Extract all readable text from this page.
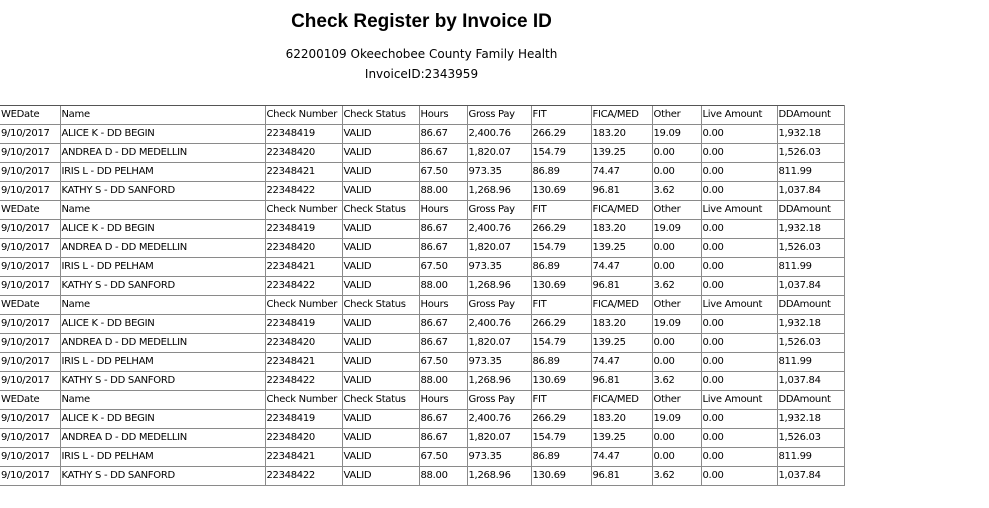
Check Register by Invoice ID
62200109 Okeechobee County Family Health
InvoiceID:2343959
WEDate	Name	Check Number	Check Status	Hours	Gross Pay	FIT	FICA/MED	Other	Live Amount	DDAmount
9/10/2017	ALICE K - DD BEGIN	22348419	VALID	86.67	2,400.76	266.29	183.20	19.09	0.00	1,932.18
9/10/2017	ANDREA D - DD MEDELLIN	22348420	VALID	86.67	1,820.07	154.79	139.25	0.00	0.00	1,526.03
9/10/2017	IRIS L - DD PELHAM	22348421	VALID	67.50	973.35	86.89	74.47	0.00	0.00	811.99
9/10/2017	KATHY S - DD SANFORD	22348422	VALID	88.00	1,268.96	130.69	96.81	3.62	0.00	1,037.84
WEDate	Name	Check Number	Check Status	Hours	Gross Pay	FIT	FICA/MED	Other	Live Amount	DDAmount
9/10/2017	ALICE K - DD BEGIN	22348419	VALID	86.67	2,400.76	266.29	183.20	19.09	0.00	1,932.18
9/10/2017	ANDREA D - DD MEDELLIN	22348420	VALID	86.67	1,820.07	154.79	139.25	0.00	0.00	1,526.03
9/10/2017	IRIS L - DD PELHAM	22348421	VALID	67.50	973.35	86.89	74.47	0.00	0.00	811.99
9/10/2017	KATHY S - DD SANFORD	22348422	VALID	88.00	1,268.96	130.69	96.81	3.62	0.00	1,037.84
WEDate	Name	Check Number	Check Status	Hours	Gross Pay	FIT	FICA/MED	Other	Live Amount	DDAmount
9/10/2017	ALICE K - DD BEGIN	22348419	VALID	86.67	2,400.76	266.29	183.20	19.09	0.00	1,932.18
9/10/2017	ANDREA D - DD MEDELLIN	22348420	VALID	86.67	1,820.07	154.79	139.25	0.00	0.00	1,526.03
9/10/2017	IRIS L - DD PELHAM	22348421	VALID	67.50	973.35	86.89	74.47	0.00	0.00	811.99
9/10/2017	KATHY S - DD SANFORD	22348422	VALID	88.00	1,268.96	130.69	96.81	3.62	0.00	1,037.84
WEDate	Name	Check Number	Check Status	Hours	Gross Pay	FIT	FICA/MED	Other	Live Amount	DDAmount
9/10/2017	ALICE K - DD BEGIN	22348419	VALID	86.67	2,400.76	266.29	183.20	19.09	0.00	1,932.18
9/10/2017	ANDREA D - DD MEDELLIN	22348420	VALID	86.67	1,820.07	154.79	139.25	0.00	0.00	1,526.03
9/10/2017	IRIS L - DD PELHAM	22348421	VALID	67.50	973.35	86.89	74.47	0.00	0.00	811.99
9/10/2017	KATHY S - DD SANFORD	22348422	VALID	88.00	1,268.96	130.69	96.81	3.62	0.00	1,037.84
